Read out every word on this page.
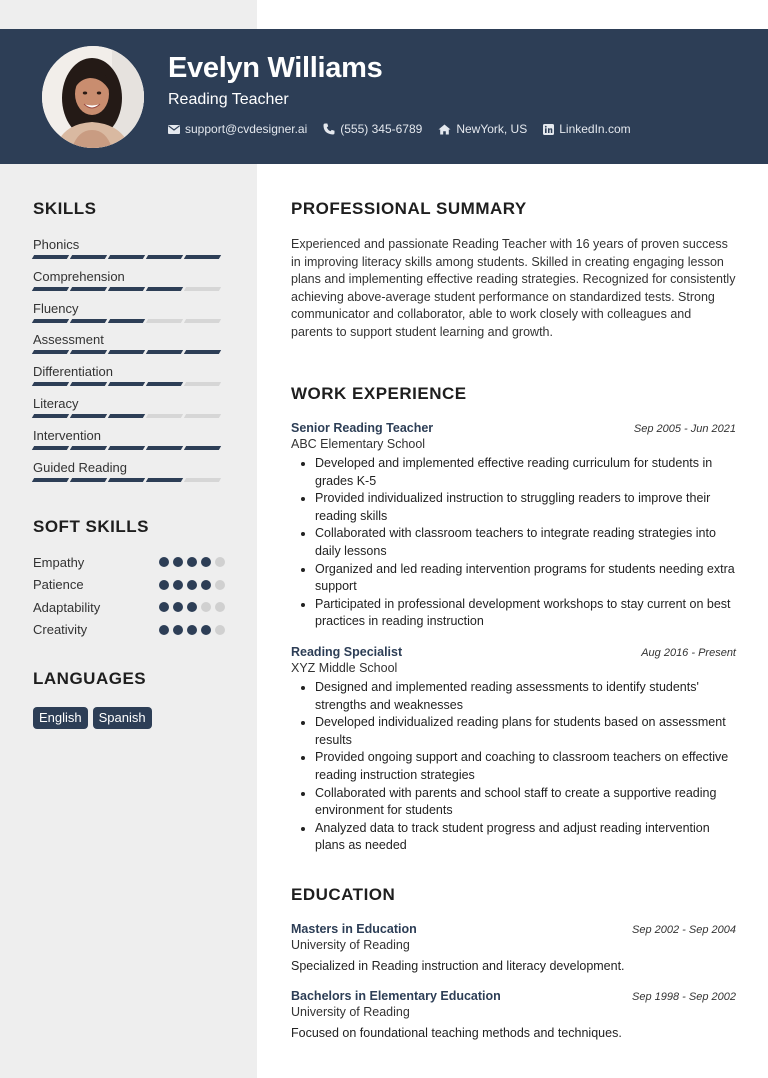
Evelyn Williams
Reading Teacher
support@cvdesigner.ai	(555) 345-6789	NewYork, US	LinkedIn.com
SKILLS
Phonics
Comprehension
Fluency
Assessment
Differentiation
Literacy
Intervention
Guided Reading
SOFT SKILLS
Empathy
Patience
Adaptability
Creativity
LANGUAGES
English	Spanish
PROFESSIONAL SUMMARY
Experienced and passionate Reading Teacher with 16 years of proven success in improving literacy skills among students. Skilled in creating engaging lesson plans and implementing effective reading strategies. Recognized for consistently achieving above-average student performance on standardized tests. Strong communicator and collaborator, able to work closely with colleagues and parents to support student learning and growth.
WORK EXPERIENCE
Senior Reading Teacher	Sep 2005 - Jun 2021
ABC Elementary School
• Developed and implemented effective reading curriculum for students in grades K-5
• Provided individualized instruction to struggling readers to improve their reading skills
• Collaborated with classroom teachers to integrate reading strategies into daily lessons
• Organized and led reading intervention programs for students needing extra support
• Participated in professional development workshops to stay current on best practices in reading instruction
Reading Specialist	Aug 2016 - Present
XYZ Middle School
• Designed and implemented reading assessments to identify students' strengths and weaknesses
• Developed individualized reading plans for students based on assessment results
• Provided ongoing support and coaching to classroom teachers on effective reading instruction strategies
• Collaborated with parents and school staff to create a supportive reading environment for students
• Analyzed data to track student progress and adjust reading intervention plans as needed
EDUCATION
Masters in Education	Sep 2002 - Sep 2004
University of Reading
Specialized in Reading instruction and literacy development.
Bachelors in Elementary Education	Sep 1998 - Sep 2002
University of Reading
Focused on foundational teaching methods and techniques.
